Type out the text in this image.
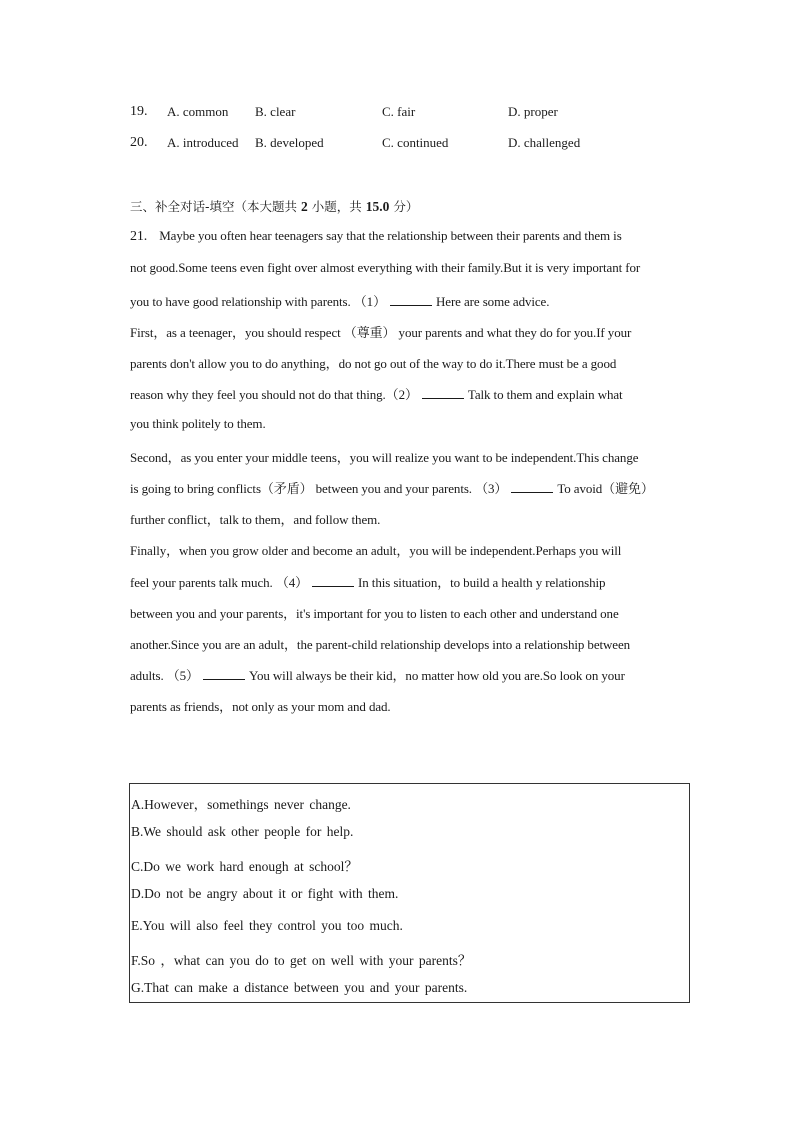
19. A. common B. clear	C. fair	D. proper
20. A. introduced B. developed	C. continued	D. challenged
三、补全对话-填空（本大题共 2 小题，共 15.0 分）
21. Maybe you often hear teenagers say that the relationship between their parents and them is
not good.Some teens even fight over almost everything with their family.But it is very important for
you to have good relationship with parents. （1）	Here are some advice.
First，as a teenager，you should respect （尊重） your parents and what they do for you.If your
parents don't allow you to do anything，do not go out of the way to do it.There must be a good
reason why they feel you should not do that thing.（2）	Talk to them and explain what
you think politely to them.
Second，as you enter your middle teens，you will realize you want to be independent.This change
is going to bring conflicts（矛盾） between you and your parents. （3）	To avoid（避免）
further conflict，talk to them，and follow them.
Finally，when you grow older and become an adult，you will be independent.Perhaps you will
feel your parents talk much. （4）	In this situation，to build a health y relationship
between you and your parents，it's important for you to listen to each other and understand one
another.Since you are an adult，the parent-child relationship develops into a relationship between
adults. （5）	You will always be their kid，no matter how old you are.So look on your
parents as friends，not only as your mom and dad.
A.However，somethings never change.
B.We should ask other people for help.
C.Do we work hard enough at school？
D.Do not be angry about it or fight with them.
E.You will also feel they control you too much.
F.So ，what can you do to get on well with your parents？
G.That can make a distance between you and your parents.
